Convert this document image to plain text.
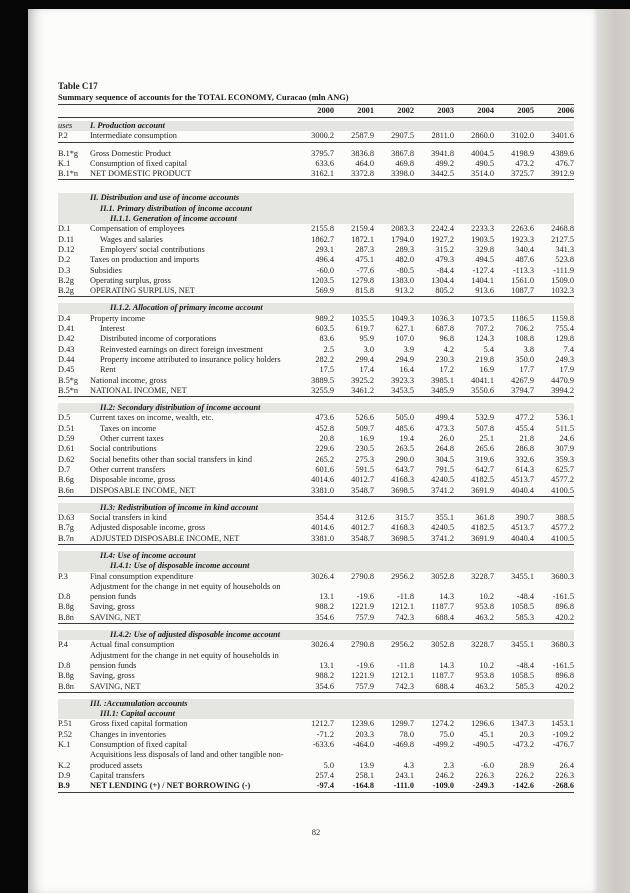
Table C17
Summary sequence of accounts for the TOTAL ECONOMY, Curacao (mln ANG)
2000	2001	2002	2003	2004	2005	2006
uses	I. Production account
P.2	Intermediate consumption	3000.2	2587.9	2907.5	2811.0	2860.0	3102.0	3401.6
B.1*g	Gross Domestic Product	3795.7	3836.8	3867.8	3941.8	4004.5	4198.9	4389.6
K.1	Consumption of fixed capital	633.6	464.0	469.8	499.2	490.5	473.2	476.7
B.1*n	NET DOMESTIC PRODUCT	3162.1	3372.8	3398.0	3442.5	3514.0	3725.7	3912.9
II. Distribution and use of income accounts
II.1. Primary distribution of income account
II.1.1. Generation of income account
D.1	Compensation of employees	2155.8	2159.4	2083.3	2242.4	2233.3	2263.6	2468.8
D.11	Wages and salaries	1862.7	1872.1	1794.0	1927.2	1903.5	1923.3	2127.5
D.12	Employers' social contributions	293.1	287.3	289.3	315.2	329.8	340.4	341.3
D.2	Taxes on production and imports	496.4	475.1	482.0	479.3	494.5	487.6	523.8
D.3	Subsidies	-60.0	-77.6	-80.5	-84.4	-127.4	-113.3	-111.9
B.2g	Operating surplus, gross	1203.5	1279.8	1383.0	1304.4	1404.1	1561.0	1509.0
B.2g	OPERATING SURPLUS, NET	569.9	815.8	913.2	805.2	913.6	1087.7	1032.3
II.1.2. Allocation of primary income account
D.4	Property income	989.2	1035.5	1049.3	1036.3	1073.5	1186.5	1159.8
D.41	Interest	603.5	619.7	627.1	687.8	707.2	706.2	755.4
D.42	Distributed income of corporations	83.6	95.9	107.0	96.8	124.3	108.8	129.8
D.43	Reinvested earnings on direct foreign investment	2.5	3.0	3.9	4.2	5.4	3.8	7.4
D.44	Property income attributed to insurance policy holders	282.2	299.4	294.9	230.3	219.8	350.0	249.3
D.45	Rent	17.5	17.4	16.4	17.2	16.9	17.7	17.9
B.5*g	National income, gross	3889.5	3925.2	3923.3	3985.1	4041.1	4267.9	4470.9
B.5*n	NATIONAL INCOME, NET	3255.9	3461.2	3453.5	3485.9	3550.6	3794.7	3994.2
II.2: Secondary distribution of income account
D.5	Current taxes on income, wealth, etc.	473.6	526.6	505.0	499.4	532.9	477.2	536.1
D.51	Taxes on income	452.8	509.7	485.6	473.3	507.8	455.4	511.5
D.59	Other current taxes	20.8	16.9	19.4	26.0	25.1	21.8	24.6
D.61	Social contributions	229.6	230.5	263.5	264.8	265.6	286.8	307.9
D.62	Social benefits other than social transfers in kind	265.2	275.3	290.0	304.5	319.6	332.6	359.3
D.7	Other current transfers	601.6	591.5	643.7	791.5	642.7	614.3	625.7
B.6g	Disposable income, gross	4014.6	4012.7	4168.3	4240.5	4182.5	4513.7	4577.2
B.6n	DISPOSABLE INCOME, NET	3381.0	3548.7	3698.5	3741.2	3691.9	4040.4	4100.5
II.3: Redistribution of income in kind account
D.63	Social transfers in kind	354.4	312.6	315.7	355.1	361.8	390.7	388.5
B.7g	Adjusted disposable income, gross	4014.6	4012.7	4168.3	4240.5	4182.5	4513.7	4577.2
B.7n	ADJUSTED DISPOSABLE INCOME, NET	3381.0	3548.7	3698.5	3741.2	3691.9	4040.4	4100.5
II.4: Use of income account
II.4.1: Use of disposable income account
P.3	Final consumption expenditure	3026.4	2790.8	2956.2	3052.8	3228.7	3455.1	3680.3
Adjustment for the change in net equity of households on
D.8	pension funds	13.1	-19.6	-11.8	14.3	10.2	-48.4	-161.5
B.8g	Saving, gross	988.2	1221.9	1212.1	1187.7	953.8	1058.5	896.8
B.8n	SAVING, NET	354.6	757.9	742.3	688.4	463.2	585.3	420.2
II.4.2: Use of adjusted disposable income account
P.4	Actual final consumption	3026.4	2790.8	2956.2	3052.8	3228.7	3455.1	3680.3
Adjustment for the change in net equity of households in
D.8	pension funds	13.1	-19.6	-11.8	14.3	10.2	-48.4	-161.5
B.8g	Saving, gross	988.2	1221.9	1212.1	1187.7	953.8	1058.5	896.8
B.8n	SAVING, NET	354.6	757.9	742.3	688.4	463.2	585.3	420.2
III. :Accumulation accounts
III.1: Capital account
P.51	Gross fixed capital formation	1212.7	1239.6	1299.7	1274.2	1296.6	1347.3	1453.1
P.52	Changes in inventories	-71.2	203.3	78.0	75.0	45.1	20.3	-109.2
K.1	Consumption of fixed capital	-633.6	-464.0	-469.8	-499.2	-490.5	-473.2	-476.7
Acquisitions less disposals of land and other tangible non-
K.2	produced assets	5.0	13.9	4.3	2.3	-6.0	28.9	26.4
D.9	Capital transfers	257.4	258.1	243.1	246.2	226.3	226.2	226.3
B.9	NET LENDING (+) / NET BORROWING (-)	-97.4	-164.8	-111.0	-109.0	-249.3	-142.6	-268.6
82
